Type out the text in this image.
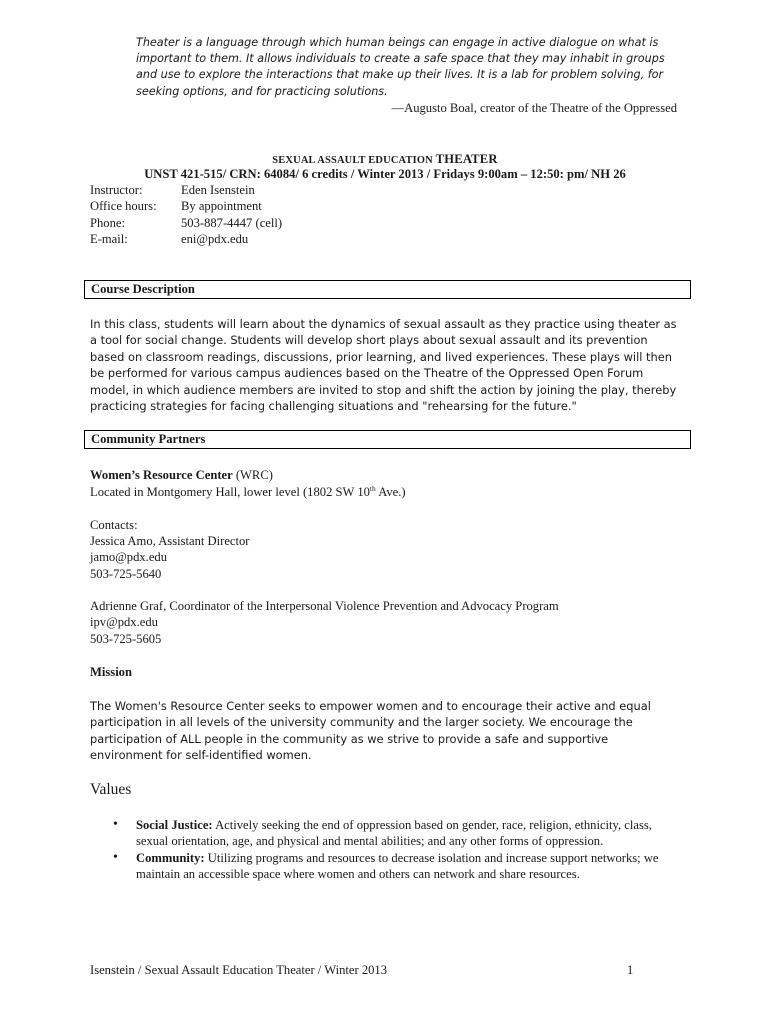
Theater is a language through which human beings can engage in active dialogue on what is important to them. It allows individuals to create a safe space that they may inhabit in groups and use to explore the interactions that make up their lives. It is a lab for problem solving, for seeking options, and for practicing solutions.
—Augusto Boal, creator of the Theatre of the Oppressed
SEXUAL ASSAULT EDUCATION THEATER
UNST 421-515/ CRN: 64084/ 6 credits / Winter 2013 / Fridays 9:00am – 12:50: pm/ NH 26
Instructor:	Eden Isenstein
Office hours:	By appointment
Phone:	503-887-4447 (cell)
E-mail:	eni@pdx.edu
Course Description
In this class, students will learn about the dynamics of sexual assault as they practice using theater as a tool for social change. Students will develop short plays about sexual assault and its prevention based on classroom readings, discussions, prior learning, and lived experiences. These plays will then be performed for various campus audiences based on the Theatre of the Oppressed Open Forum model, in which audience members are invited to stop and shift the action by joining the play, thereby practicing strategies for facing challenging situations and "rehearsing for the future."
Community Partners
Women’s Resource Center (WRC)
Located in Montgomery Hall, lower level (1802 SW 10th Ave.)
Contacts:
Jessica Amo, Assistant Director
jamo@pdx.edu
503-725-5640
Adrienne Graf, Coordinator of the Interpersonal Violence Prevention and Advocacy Program
ipv@pdx.edu
503-725-5605
Mission
The Women's Resource Center seeks to empower women and to encourage their active and equal participation in all levels of the university community and the larger society. We encourage the participation of ALL people in the community as we strive to provide a safe and supportive environment for self-identified women.
Values
• Social Justice: Actively seeking the end of oppression based on gender, race, religion, ethnicity, class, sexual orientation, age, and physical and mental abilities; and any other forms of oppression.
• Community: Utilizing programs and resources to decrease isolation and increase support networks; we maintain an accessible space where women and others can network and share resources.
Isenstein / Sexual Assault Education Theater / Winter 2013	1
